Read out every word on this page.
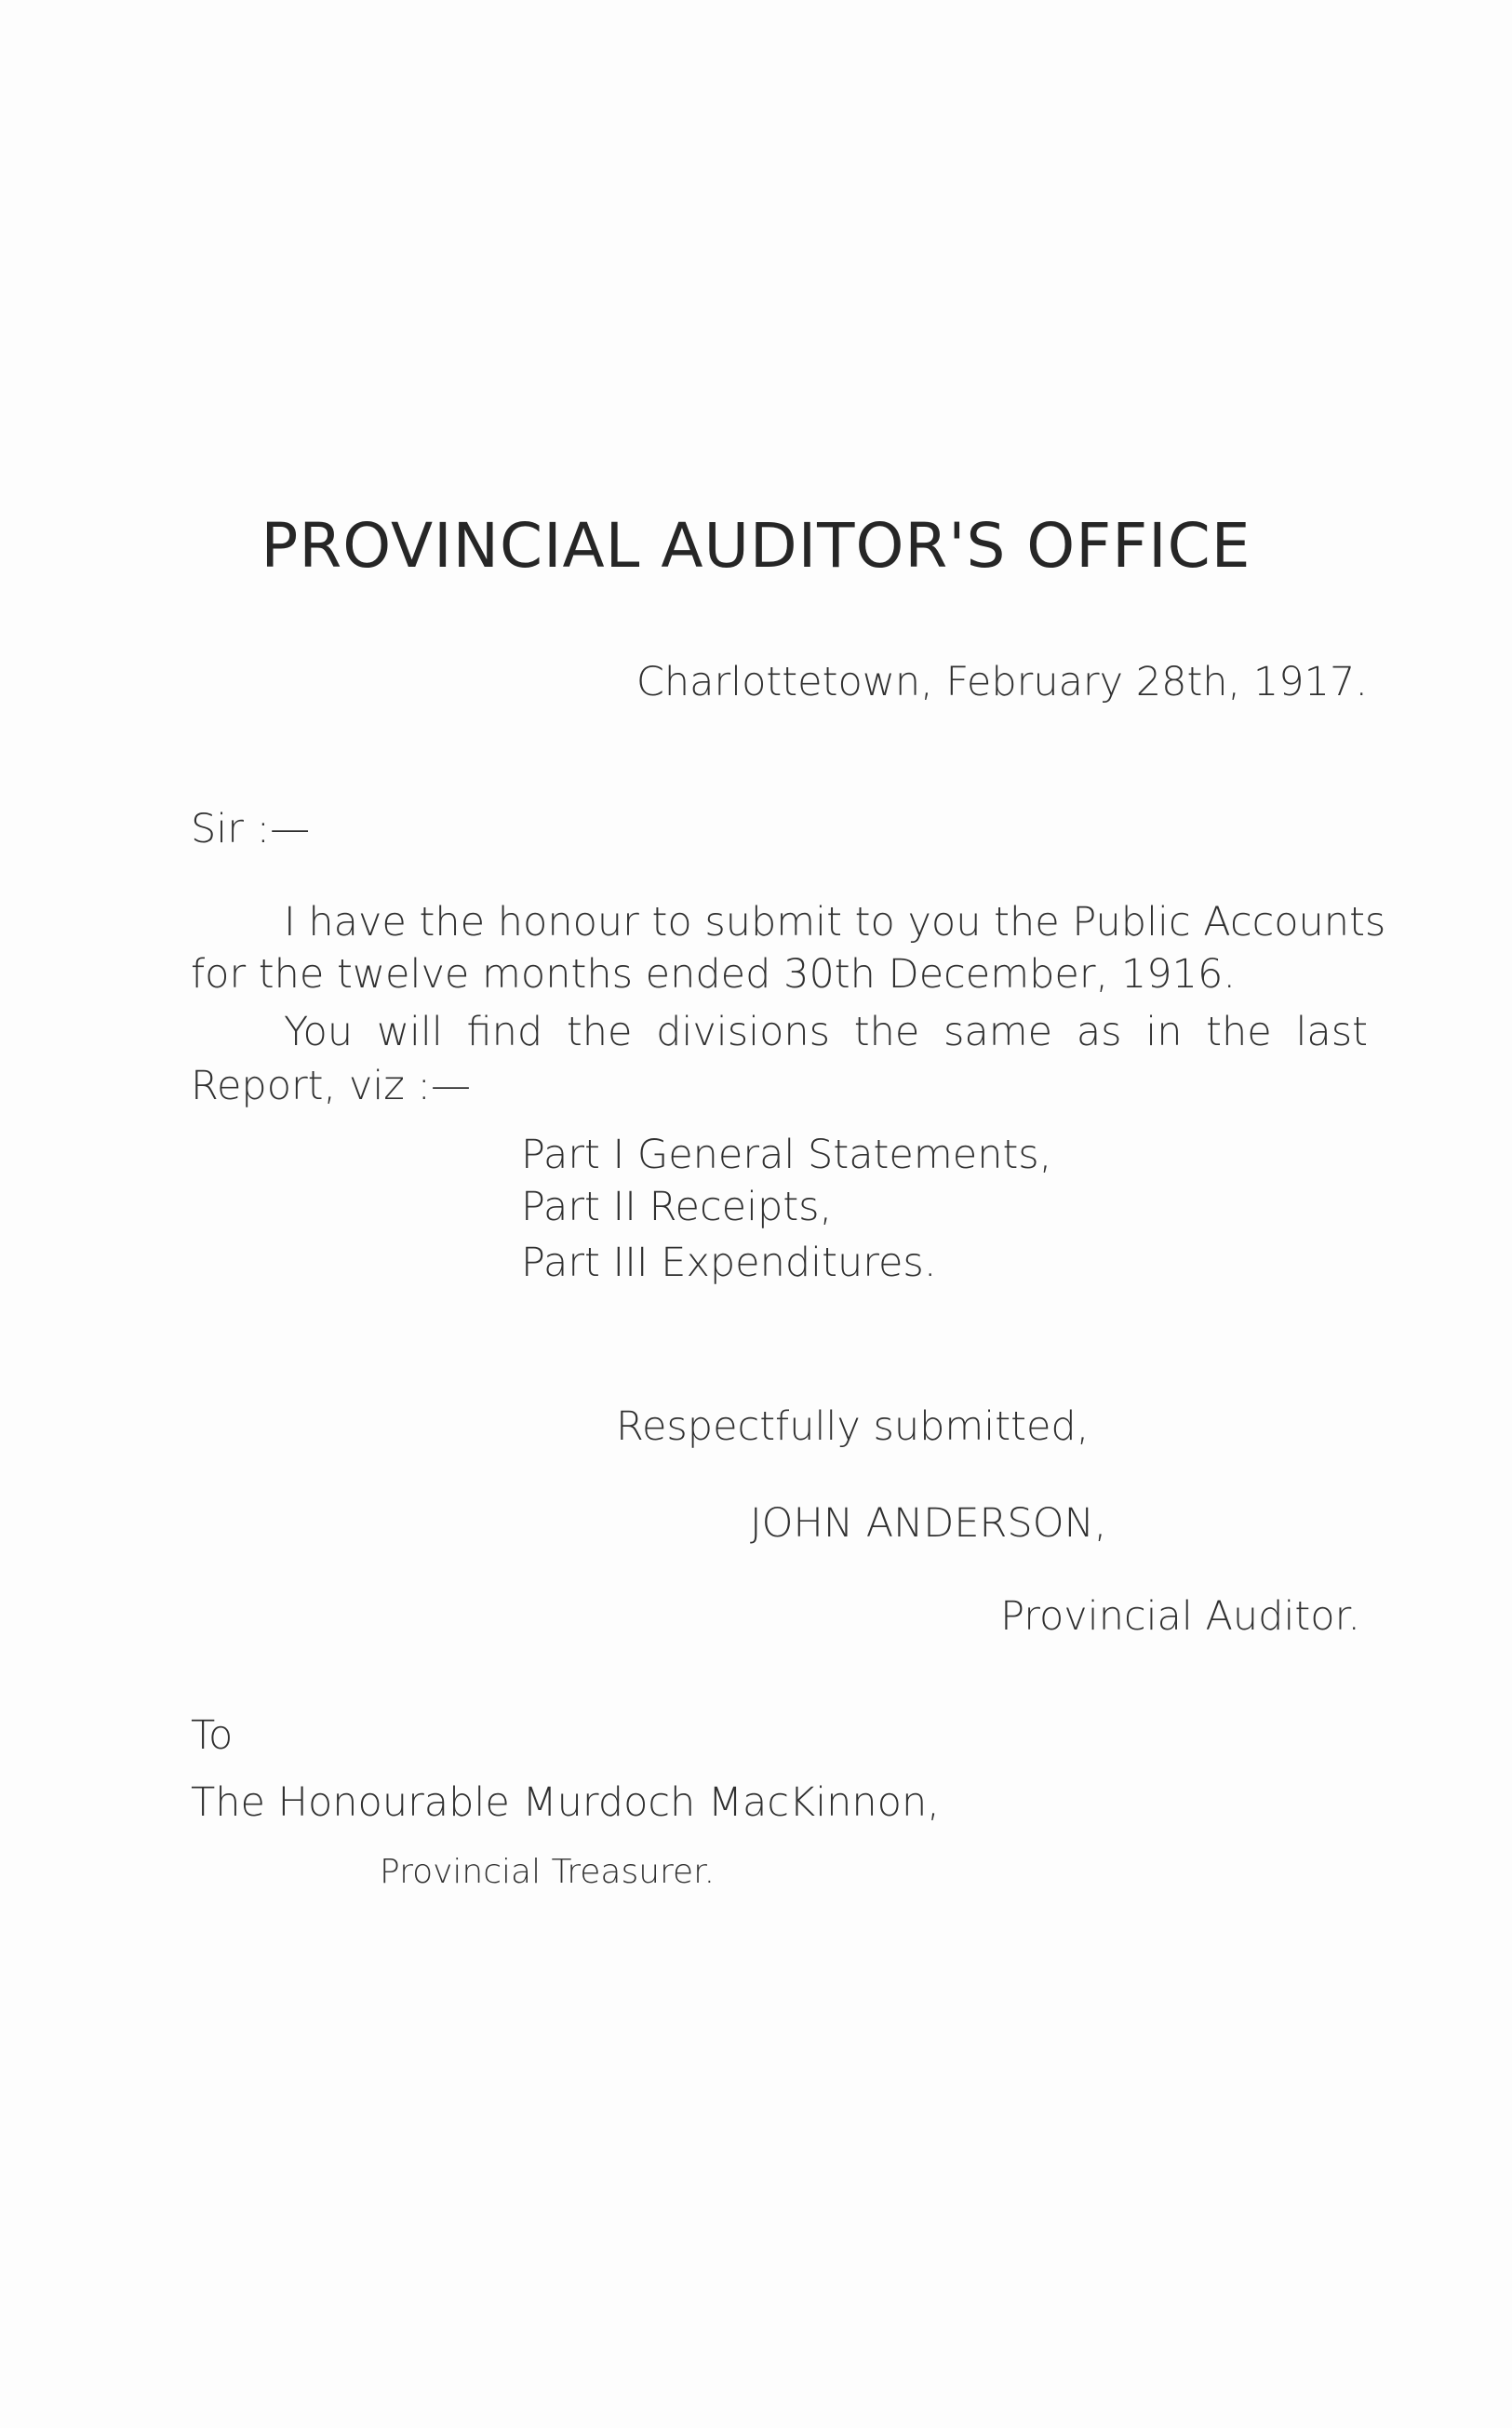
PROVINCIAL AUDITOR'S OFFICE
Charlottetown, February 28th, 1917.
Sir :—
I have the honour to submit to you the Public Accounts
for the twelve months ended 30th December, 1916.
You will find the divisions the same as in the last
Report, viz :—
Part I General Statements,
Part II Receipts,
Part III Expenditures.
Respectfully submitted,
JOHN ANDERSON,
Provincial Auditor.
To
The Honourable Murdoch MacKinnon,
Provincial Treasurer.
